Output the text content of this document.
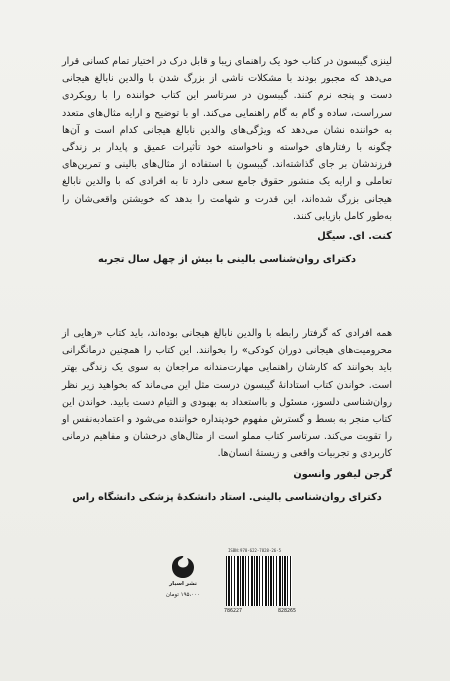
لینزی گیبسون در کتاب خود یک راهنمای زیبا و قابل درک در اختیار تمام کسانی قرار می‌دهد که مجبور بودند با مشکلات ناشی از بزرگ شدن با والدین نابالغ هیجانی دست و پنجه نرم کنند. گیبسون در سرتاسر این کتاب خواننده را با رویکردی سرراست، ساده و گام به گام راهنمایی می‌کند. او با توضیح و ارایه مثال‌های متعدد به خواننده نشان می‌دهد که ویژگی‌های والدین نابالغ هیجانی کدام است و آن‌ها چگونه با رفتارهای خواسته و ناخواسته خود تأثیرات عمیق و پایدار بر زندگی فرزندشان بر جای گذاشته‌اند. گیبسون با استفاده از مثال‌های بالینی و تمرین‌های تعاملی و ارایه یک منشور حقوق جامع سعی دارد تا به افرادی که با والدین نابالغ هیجانی بزرگ شده‌اند، این قدرت و شهامت را بدهد که خویشتن واقعی‌شان را به‌طور کامل بازیابی کنند.

کنت. ای. سیگل

دکترای روان‌شناسی بالینی با بیش از چهل سال تجربه

همه افرادی که گرفتار رابطه با والدین نابالغ هیجانی بوده‌اند، باید کتاب «رهایی از محرومیت‌های هیجانی دوران کودکی» را بخوانند. این کتاب را همچنین درمانگرانی باید بخوانند که کارشان راهنمایی مهارت‌مندانه مراجعان به سوی یک زندگی بهتر است. خواندن کتاب استادانهٔ گیبسون درست مثل این می‌ماند که بخواهید زیر نظر روان‌شناسی دلسوز، مسئول و بااستعداد به بهبودی و التیام دست یابید. خواندن این کتاب منجر به بسط و گسترش مفهوم خودپنداره خواننده می‌شود و اعتماد‌به‌نفس او را تقویت می‌کند. سرتاسر کتاب مملو است از مثال‌های درخشان و مفاهیم درمانی کاربردی و تجربیات واقعی و زیستهٔ انسان‌ها.

گرجن لیفور وانسون

دکترای روان‌شناسی بالینی. استاد دانشکدهٔ پزشکی دانشگاه راس

نشر اسبار
۱۹۵،۰۰۰ تومان
ISBN:978-622-7828-26-5
786227	828265
